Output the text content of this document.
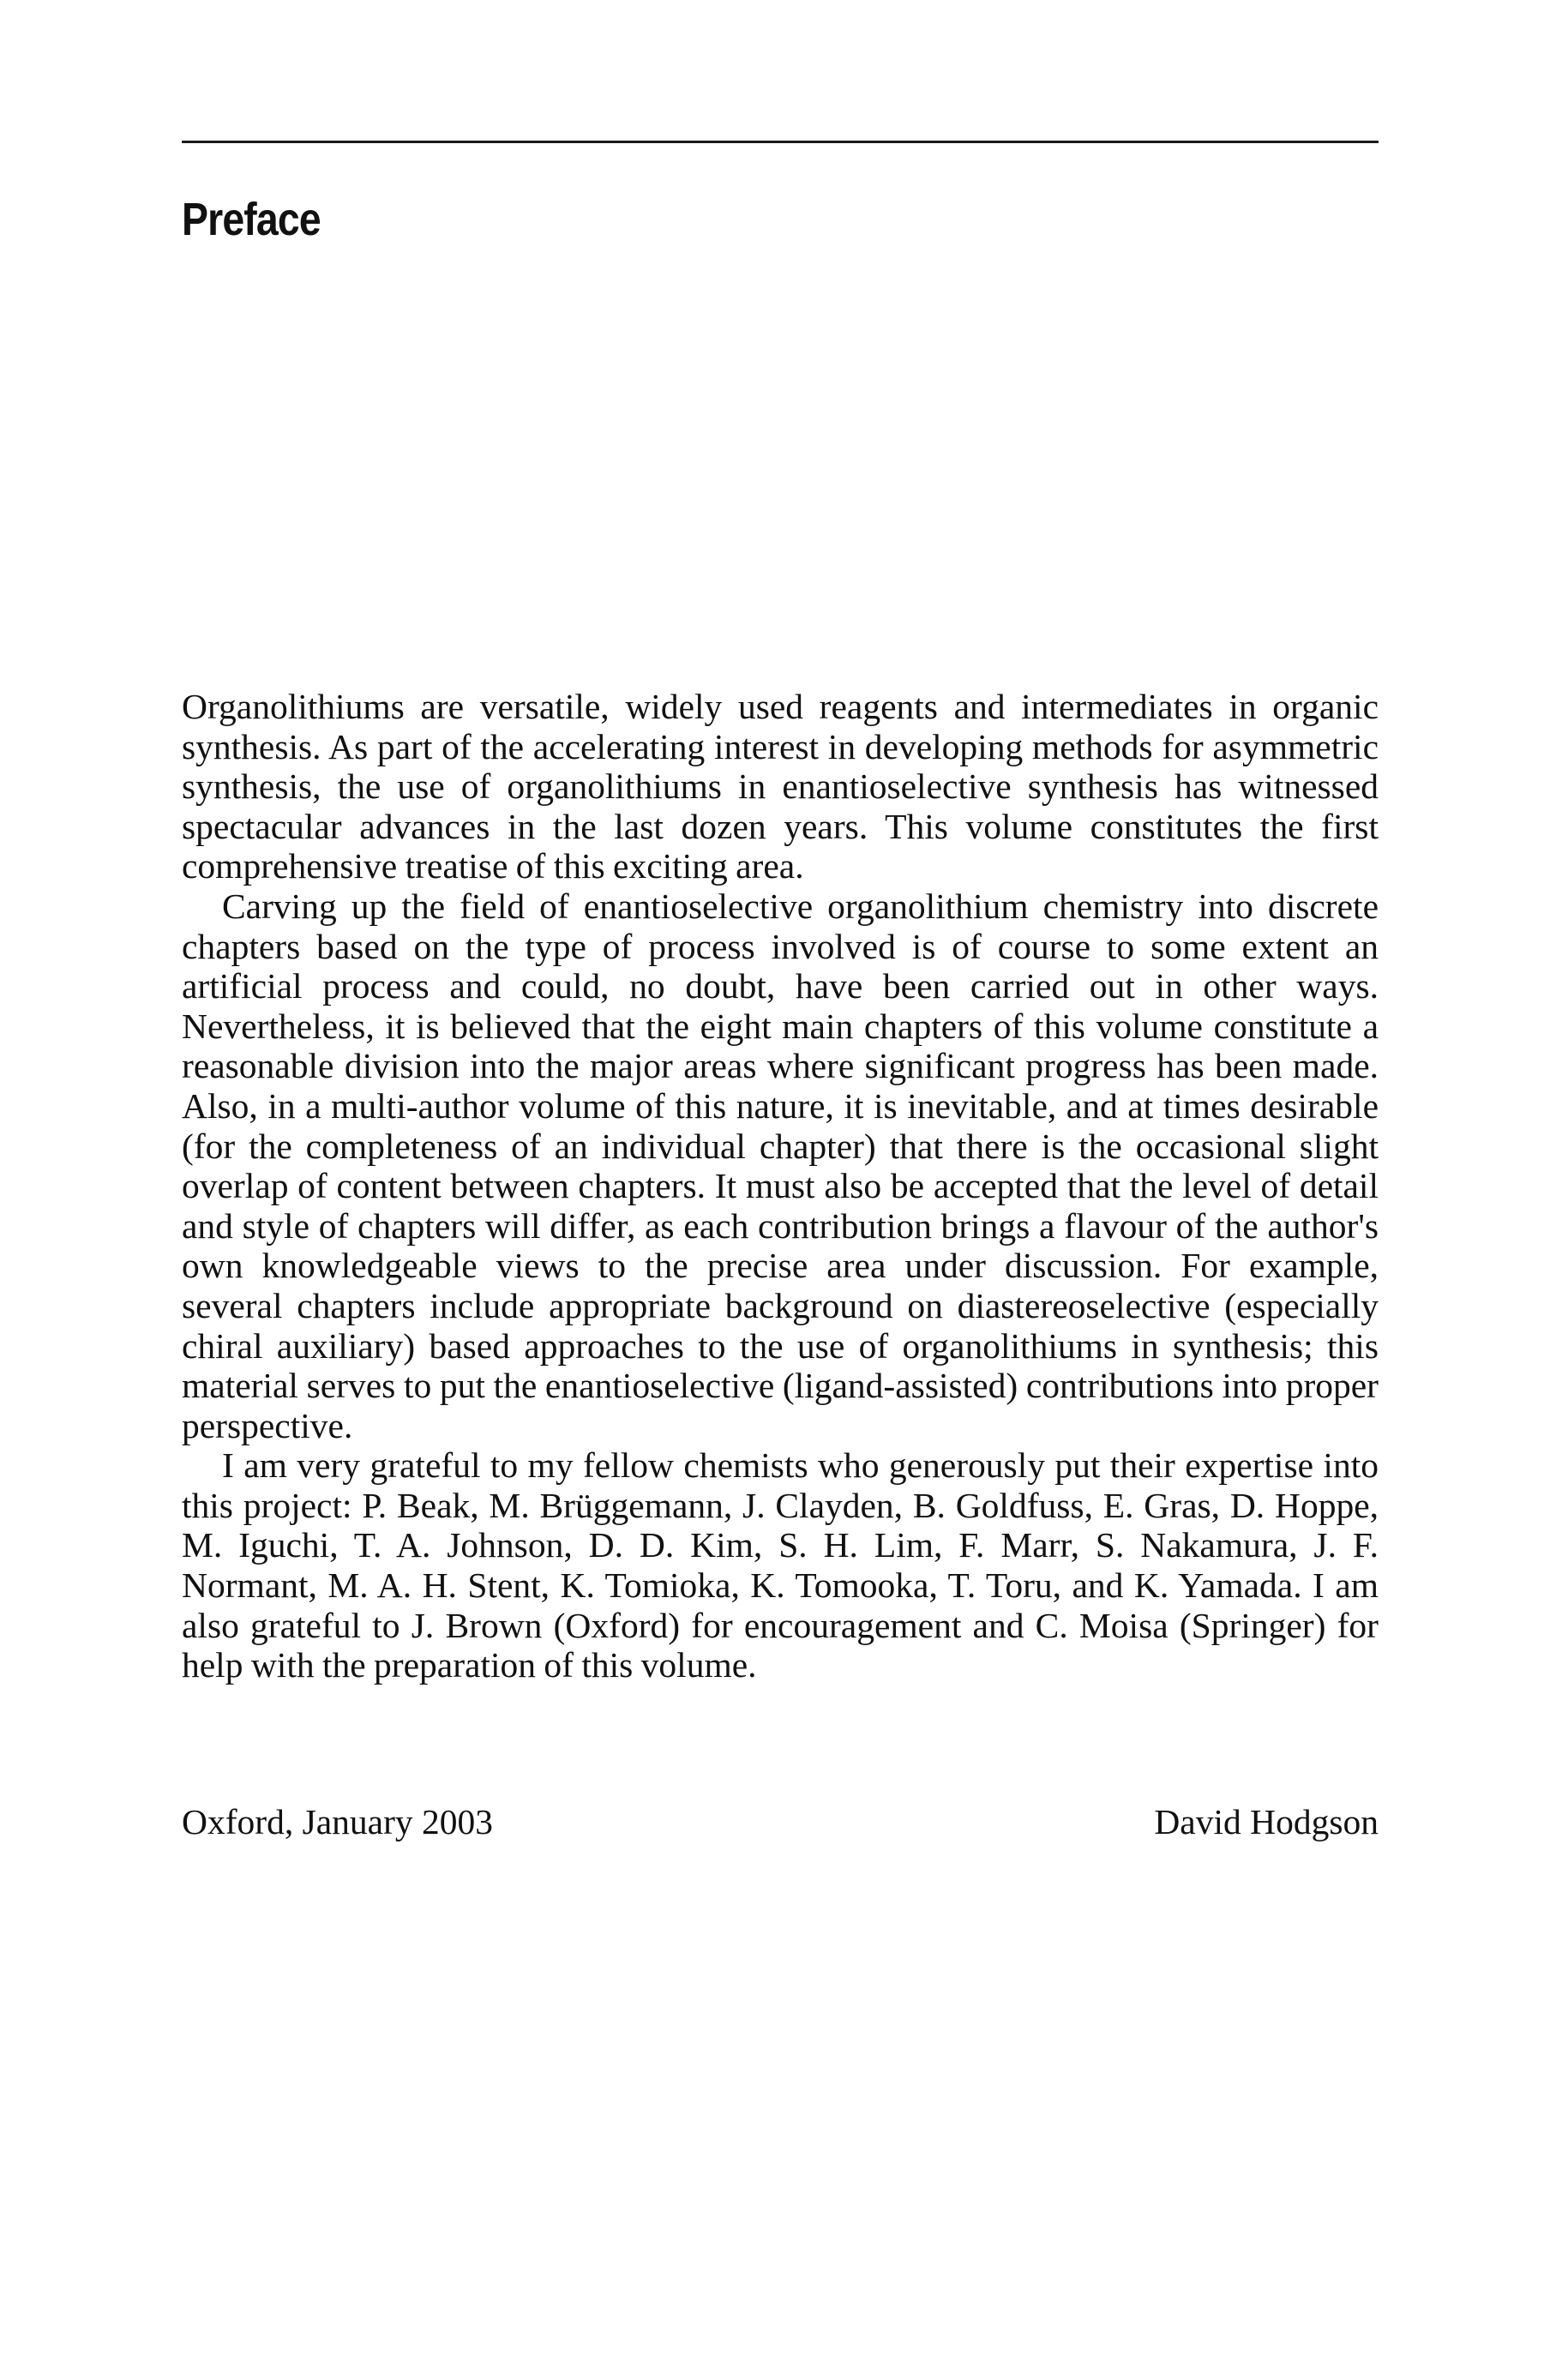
Preface

Organolithiums are versatile, widely used reagents and intermediates in organic synthesis. As part of the accelerating interest in developing methods for asymmetric synthesis, the use of organolithiums in enantioselective synthesis has witnessed spectacular advances in the last dozen years. This volume constitutes the first comprehensive treatise of this exciting area.

Carving up the field of enantioselective organolithium chemistry into discrete chapters based on the type of process involved is of course to some extent an artificial process and could, no doubt, have been carried out in other ways. Nevertheless, it is believed that the eight main chapters of this volume constitute a reasonable division into the major areas where significant progress has been made. Also, in a multi-author volume of this nature, it is inevitable, and at times desirable (for the completeness of an individual chapter) that there is the occasional slight overlap of content between chapters. It must also be accepted that the level of detail and style of chapters will differ, as each contribution brings a flavour of the author's own knowledgeable views to the precise area under discussion. For example, several chapters include appropriate background on diastereoselective (especially chiral auxiliary) based approaches to the use of organolithiums in synthesis; this material serves to put the enantioselective (ligand-assisted) contributions into proper perspective.

I am very grateful to my fellow chemists who generously put their expertise into this project: P. Beak, M. Brüggemann, J. Clayden, B. Goldfuss, E. Gras, D. Hoppe, M. Iguchi, T. A. Johnson, D. D. Kim, S. H. Lim, F. Marr, S. Nakamura, J. F. Normant, M. A. H. Stent, K. Tomioka, K. Tomooka, T. Toru, and K. Yamada. I am also grateful to J. Brown (Oxford) for encouragement and C. Moisa (Springer) for help with the preparation of this volume.

Oxford, January 2003	David Hodgson
